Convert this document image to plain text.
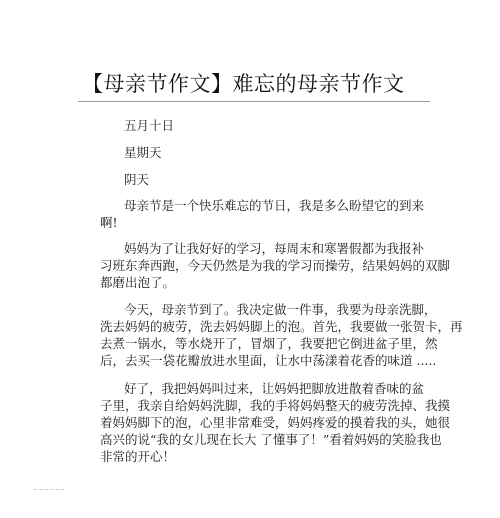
【母亲节作文】难忘的母亲节作文
五月十日
星期天
阴天
母亲节是一个快乐难忘的节日，我是多么盼望它的到来
啊!
妈妈为了让我好好的学习，每周末和寒署假都为我报补
习班东奔西跑，今天仍然是为我的学习而操劳，结果妈妈的双脚
都磨出泡了。
今天，母亲节到了。我决定做一件事，我要为母亲洗脚，
洗去妈妈的疲劳，洗去妈妈脚上的泡。首先，我要做一张贺卡，再
去煮一锅水，等水烧开了，冒烟了，我要把它倒进盆子里，然
后，去买一袋花瓣放进水里面，让水中荡漾着花香的味道 .....
好了，我把妈妈叫过来，让妈妈把脚放进散着香味的盆
子里，我亲自给妈妈洗脚，我的手将妈妈整天的疲劳洗掉、我摸
着妈妈脚下的泡，心里非常难受，妈妈疼爱的摸着我的头，她很
高兴的说“我的女儿现在长大 了懂事了！”看着妈妈的笑脸我也
非常的开心！
